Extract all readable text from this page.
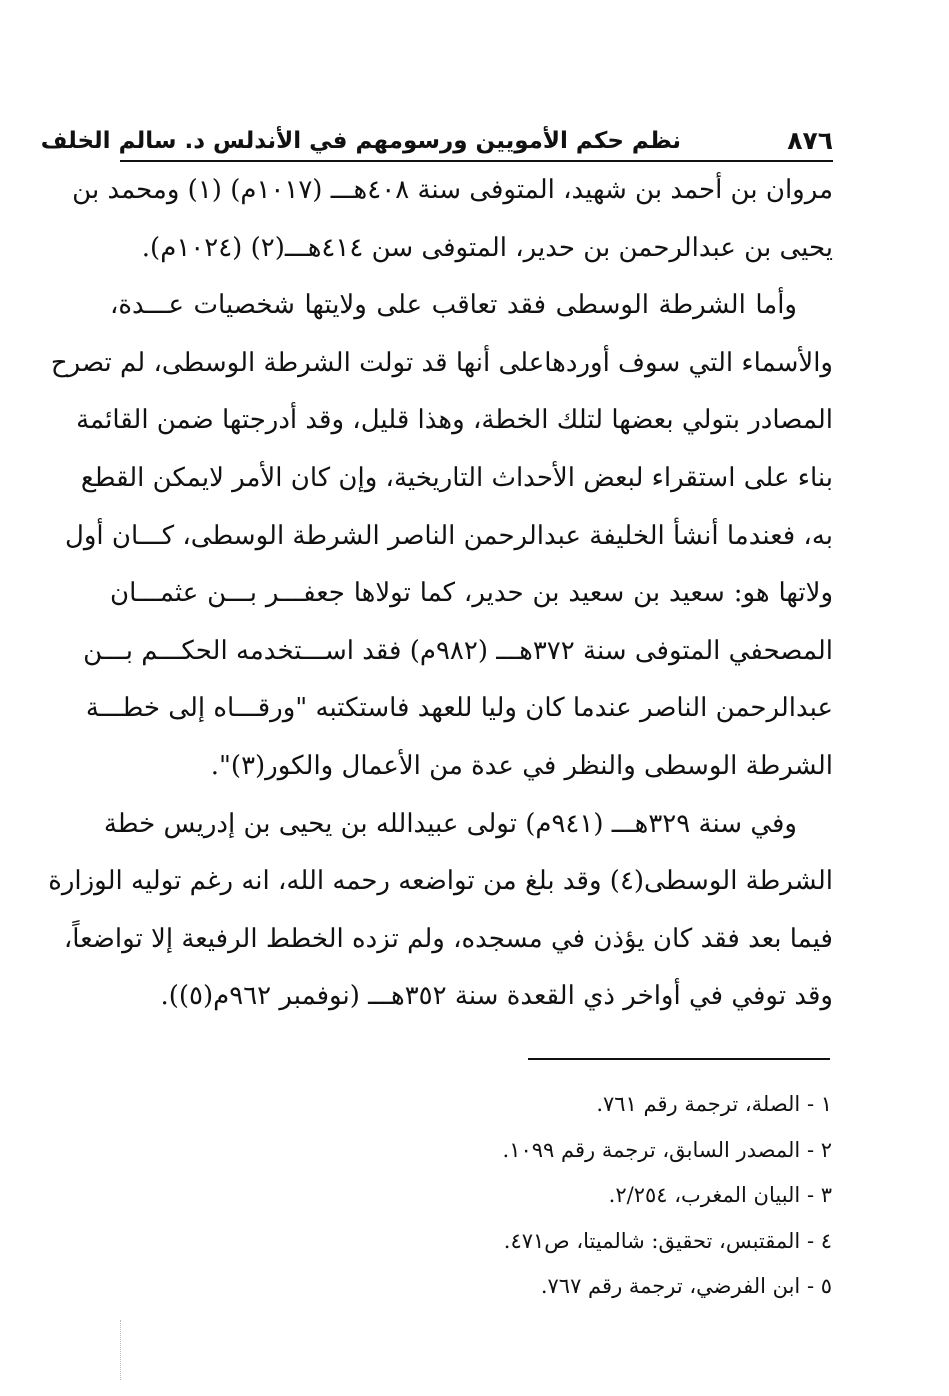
٨٧٦
نظم حكم الأمويين ورسومهم في الأندلس د. سالم الخلف
مروان بن أحمد بن شهيد، المتوفى سنة ٤٠٨هـــ (١٠١٧م) (١) ومحمد بن
يحيى بن عبدالرحمن بن حدير، المتوفى سن ٤١٤هـــ(٢) (١٠٢٤م).
وأما الشرطة الوسطى فقد تعاقب على ولايتها شخصيات عـــدة،
والأسماء التي سوف أوردهاعلى أنها قد تولت الشرطة الوسطى، لم تصرح
المصادر بتولي بعضها لتلك الخطة، وهذا قليل، وقد أدرجتها ضمن القائمة
بناء على استقراء لبعض الأحداث التاريخية، وإن كان الأمر لايمكن القطع
به، فعندما أنشأ الخليفة عبدالرحمن الناصر الشرطة الوسطى، كـــان أول
ولاتها هو: سعيد بن سعيد بن حدير، كما تولاها جعفـــر بـــن عثمـــان
المصحفي المتوفى سنة ٣٧٢هـــ (٩٨٢م) فقد اســـتخدمه الحكـــم بـــن
عبدالرحمن الناصر عندما كان وليا للعهد فاستكتبه "ورقـــاه إلى خطـــة
الشرطة الوسطى والنظر في عدة من الأعمال والكور(٣)".
وفي سنة ٣٢٩هـــ (٩٤١م) تولى عبيدالله بن يحيى بن إدريس خطة
الشرطة الوسطى(٤) وقد بلغ من تواضعه رحمه الله، انه رغم توليه الوزارة
فيما بعد فقد كان يؤذن في مسجده، ولم تزده الخطط الرفيعة إلا تواضعاً،
وقد توفي في أواخر ذي القعدة سنة ٣٥٢هـــ (نوفمبر ٩٦٢م(٥)).
١ - الصلة، ترجمة رقم ٧٦١.
٢ - المصدر السابق، ترجمة رقم ١٠٩٩.
٣ - البيان المغرب، ٢/٢٥٤.
٤ - المقتبس، تحقيق: شالميتا، ص٤٧١.
٥ - ابن الفرضي، ترجمة رقم ٧٦٧.
